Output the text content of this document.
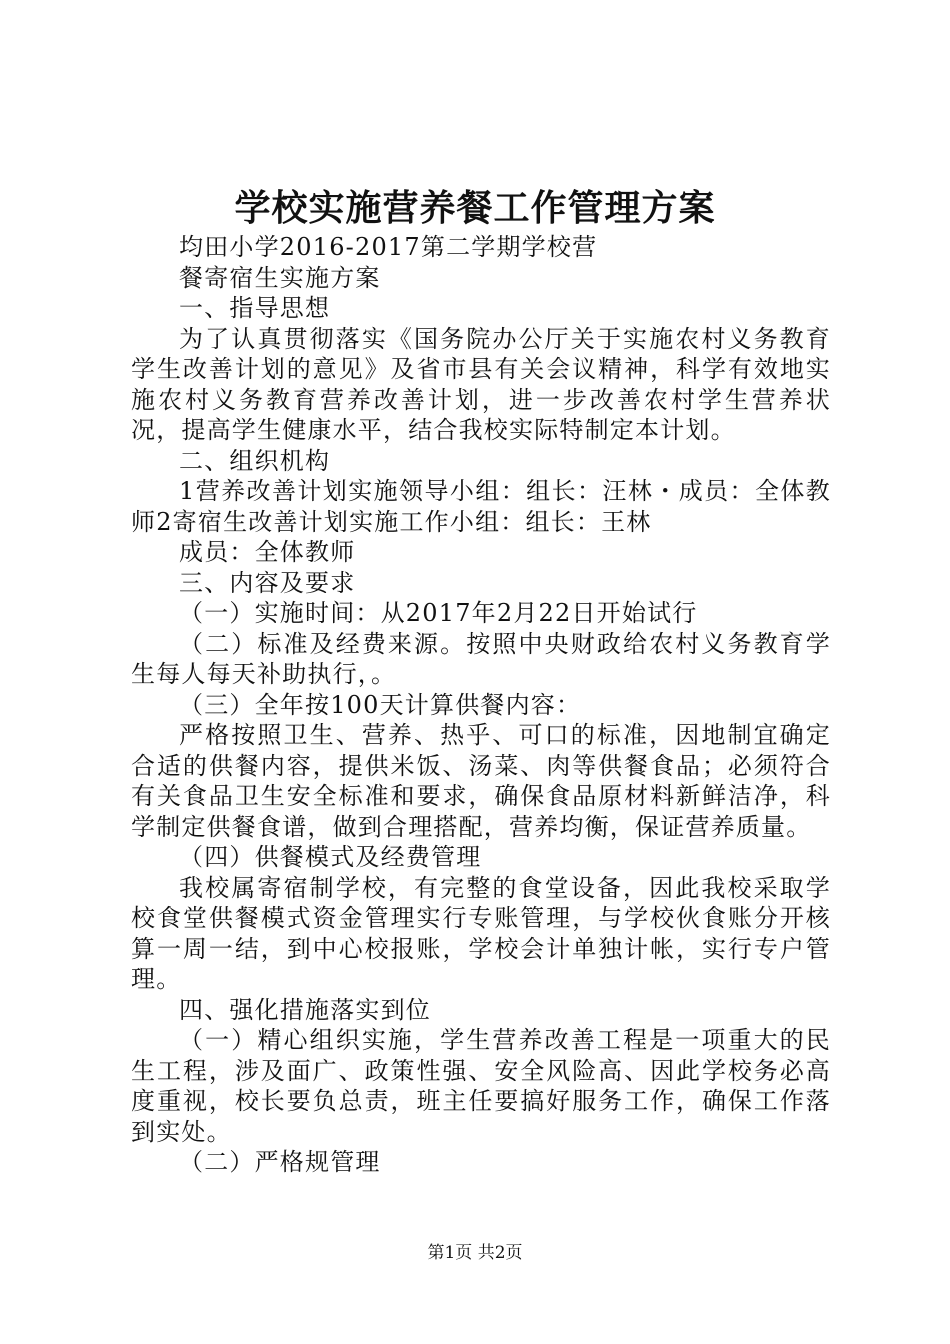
学校实施营养餐工作管理方案

均田小学2016-2017第二学期学校营

餐寄宿生实施方案

一、指导思想

为了认真贯彻落实《国务院办公厅关于实施农村义务教育学生改善计划的意见》及省市县有关会议精神，科学有效地实施农村义务教育营养改善计划，进一步改善农村学生营养状况，提高学生健康水平，结合我校实际特制定本计划。

二、组织机构

1营养改善计划实施领导小组：组长：汪林・成员：全体教师2寄宿生改善计划实施工作小组：组长：王林

成员：全体教师

三、内容及要求

（一）实施时间：从2017年2月22日开始试行

（二）标准及经费来源。按照中央财政给农村义务教育学生每人每天补助执行，。

（三）全年按100天计算供餐内容：

严格按照卫生、营养、热乎、可口的标准，因地制宜确定合适的供餐内容，提供米饭、汤菜、肉等供餐食品；必须符合有关食品卫生安全标准和要求，确保食品原材料新鲜洁净，科学制定供餐食谱，做到合理搭配，营养均衡，保证营养质量。

（四）供餐模式及经费管理

我校属寄宿制学校，有完整的食堂设备，因此我校采取学校食堂供餐模式资金管理实行专账管理，与学校伙食账分开核算一周一结，到中心校报账，学校会计单独计帐，实行专户管理。

四、强化措施落实到位

（一）精心组织实施，学生营养改善工程是一项重大的民生工程，涉及面广、政策性强、安全风险高、因此学校务必高度重视，校长要负总责，班主任要搞好服务工作，确保工作落到实处。

（二）严格规管理

第1页 共2页
